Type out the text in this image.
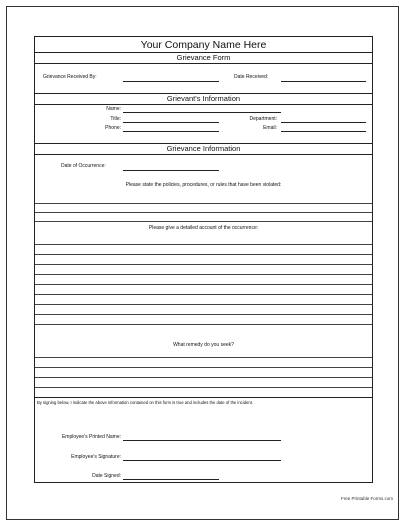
Your Company Name Here
Grievance Form
Grievance Received By:	Date Received:
Grievant's Information
Name:
Title:	Department:
Phone:	Email:
Grievance Information
Date of Occurrence:
Please state the policies, procedures, or rules that have been violated:
Please give a detailed account of the occurrence:
What remedy do you seek?
By signing below, I indicate the above information contained on this form is true and includes the date of the incident.
Employee's Printed Name:
Employee's Signature:
Date Signed:
Free Printable Forms.com
